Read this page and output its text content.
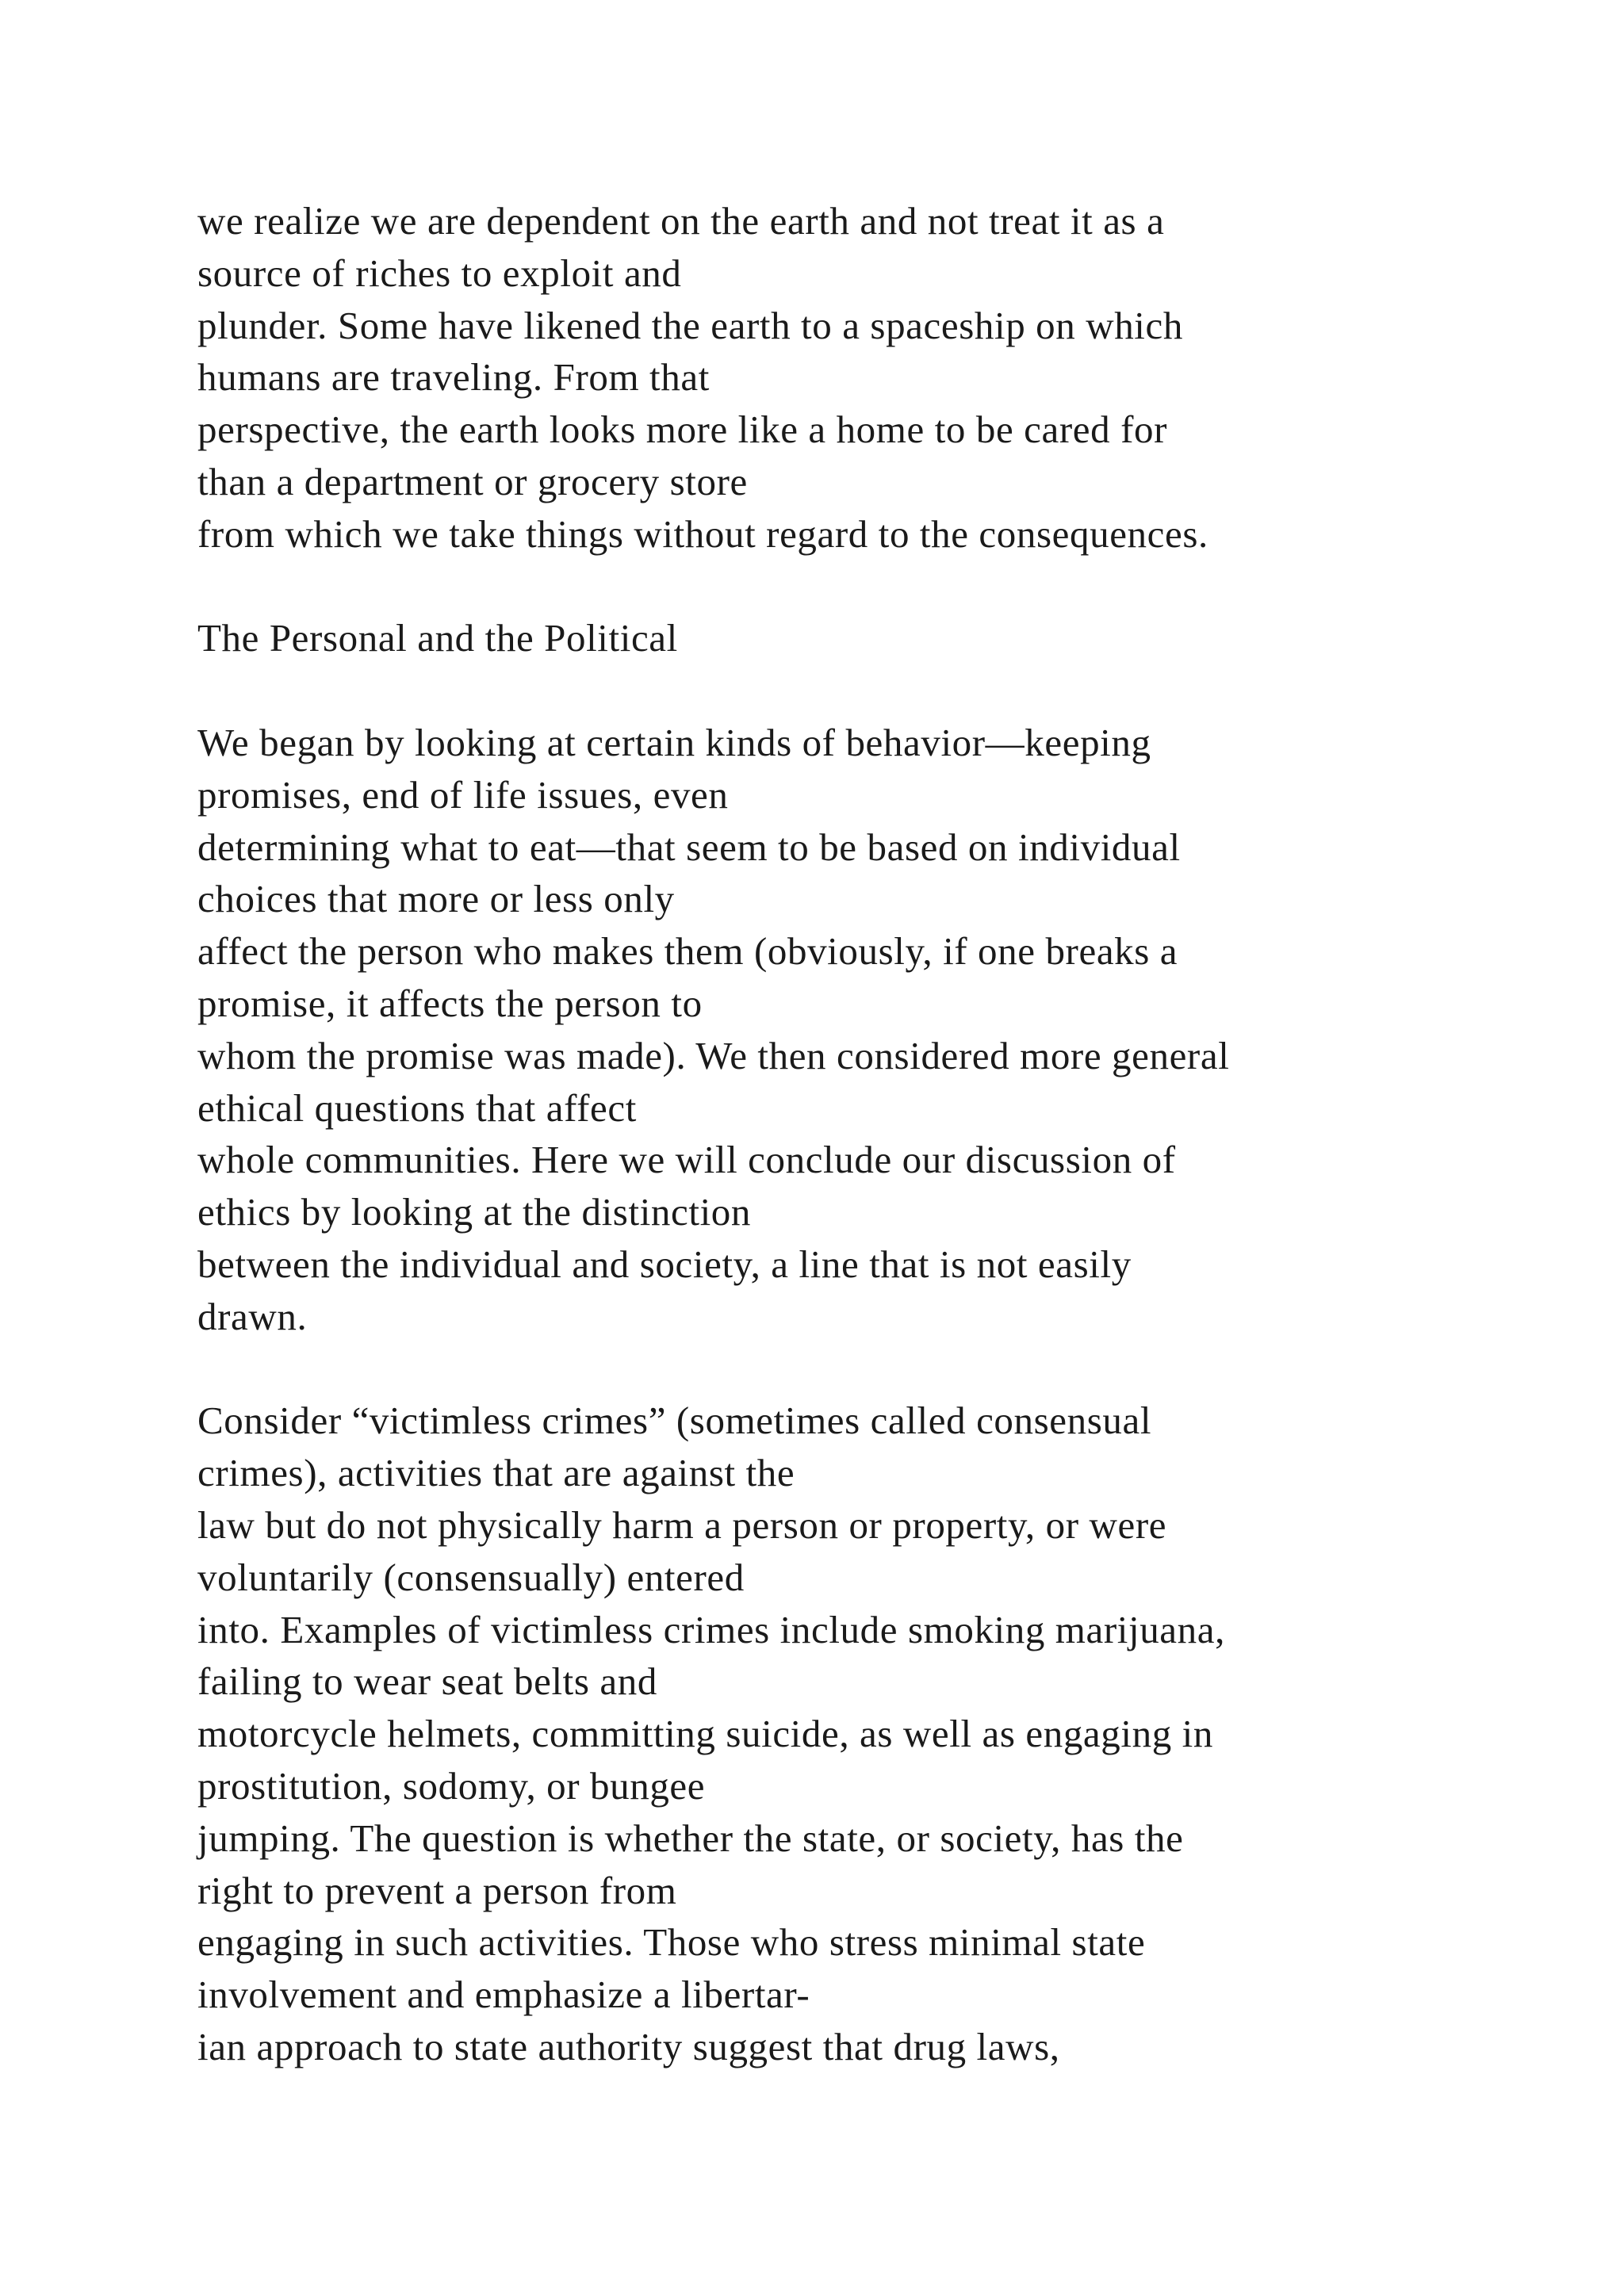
we realize we are dependent on the earth and not treat it as a
source of riches to exploit and
plunder. Some have likened the earth to a spaceship on which
humans are traveling. From that
perspective, the earth looks more like a home to be cared for
than a department or grocery store
from which we take things without regard to the consequences.
The Personal and the Political
We began by looking at certain kinds of behavior—keeping
promises, end of life issues, even
determining what to eat—that seem to be based on individual
choices that more or less only
affect the person who makes them (obviously, if one breaks a
promise, it affects the person to
whom the promise was made). We then considered more general
ethical questions that affect
whole communities. Here we will conclude our discussion of
ethics by looking at the distinction
between the individual and society, a line that is not easily
drawn.
Consider “victimless crimes” (sometimes called consensual
crimes), activities that are against the
law but do not physically harm a person or property, or were
voluntarily (consensually) entered
into. Examples of victimless crimes include smoking marijuana,
failing to wear seat belts and
motorcycle helmets, committing suicide, as well as engaging in
prostitution, sodomy, or bungee
jumping. The question is whether the state, or society, has the
right to prevent a person from
engaging in such activities. Those who stress minimal state
involvement and emphasize a libertar-
ian approach to state authority suggest that drug laws,
